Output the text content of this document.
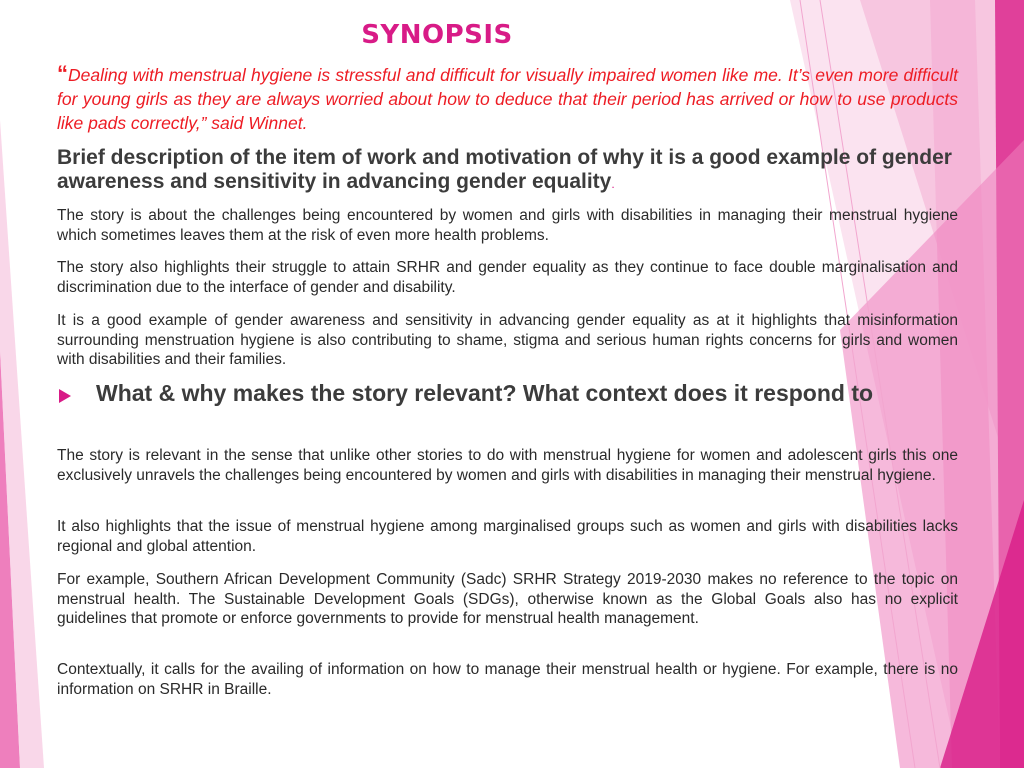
SYNOPSIS

“Dealing with menstrual hygiene is stressful and difficult for visually impaired women like me. It’s even more difficult for young girls as they are always worried about how to deduce that their period has arrived or how to use products like pads correctly,” said Winnet.

Brief description of the item of work and motivation of why it is a good example of gender awareness and sensitivity in advancing gender equality.

The story is about the challenges being encountered by women and girls with disabilities in managing their menstrual hygiene which sometimes leaves them at the risk of even more health problems.

The story also highlights their struggle to attain SRHR and gender equality as they continue to face double marginalisation and discrimination due to the interface of gender and disability.

It is a good example of gender awareness and sensitivity in advancing gender equality as at it highlights that misinformation surrounding menstruation hygiene is also contributing to shame, stigma and serious human rights concerns for girls and women with disabilities and their families.

What & why makes the story relevant? What context does it respond to

The story is relevant in the sense that unlike other stories to do with menstrual hygiene for women and adolescent girls this one exclusively unravels the challenges being encountered by women and girls with disabilities in managing their menstrual hygiene.

It also highlights that the issue of menstrual hygiene among marginalised groups such as women and girls with disabilities lacks regional and global attention.

For example, Southern African Development Community (Sadc) SRHR Strategy 2019-2030 makes no reference to the topic on menstrual health. The Sustainable Development Goals (SDGs), otherwise known as the Global Goals also has no explicit guidelines that promote or enforce governments to provide for menstrual health management.

Contextually, it calls for the availing of information on how to manage their menstrual health or hygiene. For example, there is no information on SRHR in Braille.
